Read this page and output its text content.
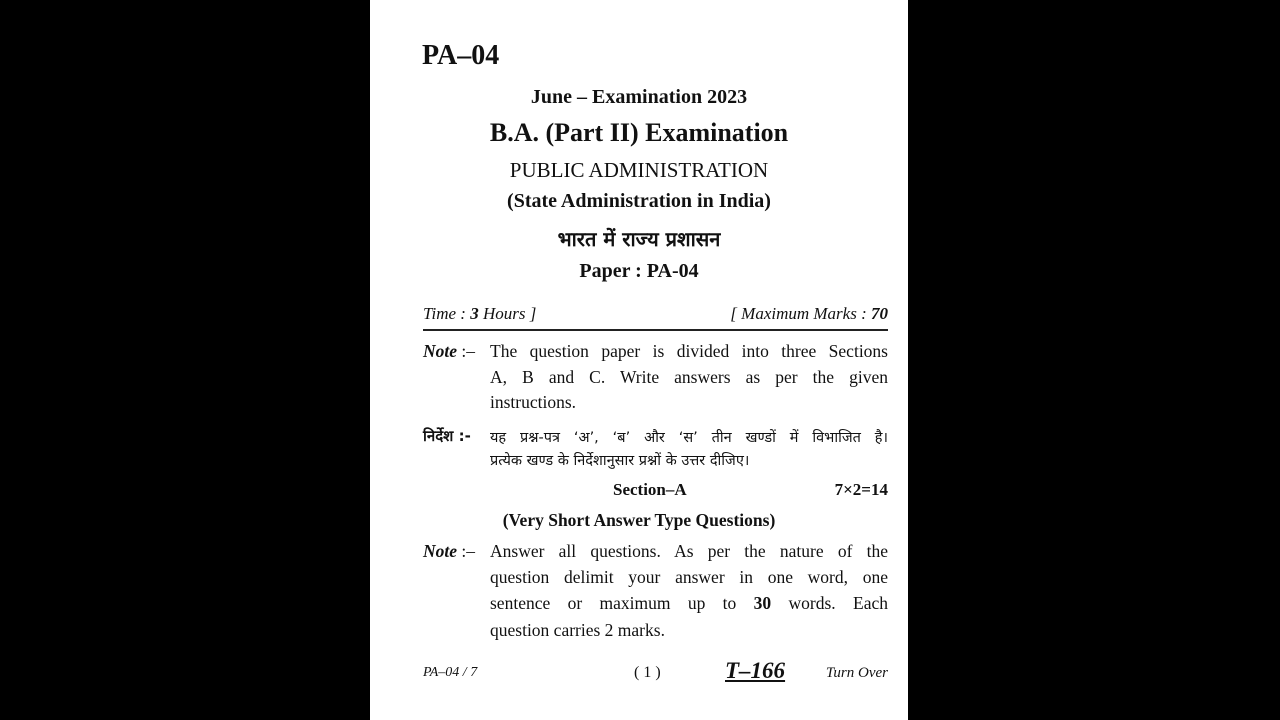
PA–04
June – Examination 2023
B.A. (Part II) Examination
PUBLIC ADMINISTRATION
(State Administration in India)
भारत में राज्य प्रशासन
Paper : PA-04
Time : 3 Hours ]	[ Maximum Marks : 70
Note :– The question paper is divided into three Sections
A, B and C. Write answers as per the given
instructions.
निर्देश :- यह प्रश्न-पत्र ‘अ’, ‘ब’ और ‘स’ तीन खण्डों में विभाजित है।
प्रत्येक खण्ड के निर्देशानुसार प्रश्नों के उत्तर दीजिए।
Section–A	7×2=14
(Very Short Answer Type Questions)
Note :– Answer all questions. As per the nature of the
question delimit your answer in one word, one
sentence or maximum up to 30 words. Each
question carries 2 marks.
PA–04 / 7	( 1 )	T–166	Turn Over
